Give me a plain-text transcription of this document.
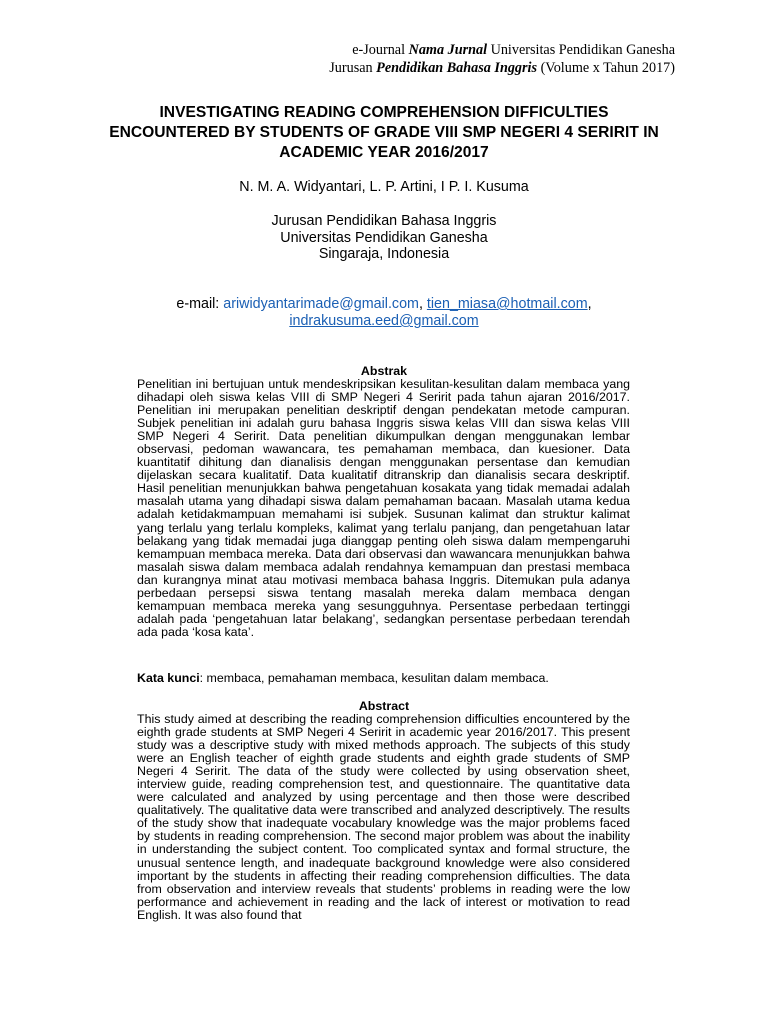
e-Journal Nama Jurnal Universitas Pendidikan Ganesha
Jurusan Pendidikan Bahasa Inggris (Volume x Tahun 2017)
INVESTIGATING READING COMPREHENSION DIFFICULTIES ENCOUNTERED BY STUDENTS OF GRADE VIII SMP NEGERI 4 SERIRIT IN ACADEMIC YEAR 2016/2017
N. M. A. Widyantari, L. P. Artini, I P. I. Kusuma
Jurusan Pendidikan Bahasa Inggris
Universitas Pendidikan Ganesha
Singaraja, Indonesia
e-mail: ariwidyantarimade@gmail.com, tien_miasa@hotmail.com,
indrakusuma.eed@gmail.com
Abstrak
Penelitian ini bertujuan untuk mendeskripsikan kesulitan-kesulitan dalam membaca yang dihadapi oleh siswa kelas VIII di SMP Negeri 4 Seririt pada tahun ajaran 2016/2017. Penelitian ini merupakan penelitian deskriptif dengan pendekatan metode campuran. Subjek penelitian ini adalah guru bahasa Inggris siswa kelas VIII dan siswa kelas VIII SMP Negeri 4 Seririt. Data penelitian dikumpulkan dengan menggunakan lembar observasi, pedoman wawancara, tes pemahaman membaca, dan kuesioner. Data kuantitatif dihitung dan dianalisis dengan menggunakan persentase dan kemudian dijelaskan secara kualitatif. Data kualitatif ditranskrip dan dianalisis secara deskriptif. Hasil penelitian menunjukkan bahwa pengetahuan kosakata yang tidak memadai adalah masalah utama yang dihadapi siswa dalam pemahaman bacaan. Masalah utama kedua adalah ketidakmampuan memahami isi subjek. Susunan kalimat dan struktur kalimat yang terlalu yang terlalu kompleks, kalimat yang terlalu panjang, dan pengetahuan latar belakang yang tidak memadai juga dianggap penting oleh siswa dalam mempengaruhi kemampuan membaca mereka. Data dari observasi dan wawancara menunjukkan bahwa masalah siswa dalam membaca adalah rendahnya kemampuan dan prestasi membaca dan kurangnya minat atau motivasi membaca bahasa Inggris. Ditemukan pula adanya perbedaan persepsi siswa tentang masalah mereka dalam membaca dengan kemampuan membaca mereka yang sesungguhnya. Persentase perbedaan tertinggi adalah pada ‘pengetahuan latar belakang’, sedangkan persentase perbedaan terendah ada pada ‘kosa kata’.
Kata kunci: membaca, pemahaman membaca, kesulitan dalam membaca.
Abstract
This study aimed at describing the reading comprehension difficulties encountered by the eighth grade students at SMP Negeri 4 Seririt in academic year 2016/2017. This present study was a descriptive study with mixed methods approach. The subjects of this study were an English teacher of eighth grade students and eighth grade students of SMP Negeri 4 Seririt. The data of the study were collected by using observation sheet, interview guide, reading comprehension test, and questionnaire. The quantitative data were calculated and analyzed by using percentage and then those were described qualitatively. The qualitative data were transcribed and analyzed descriptively. The results of the study show that inadequate vocabulary knowledge was the major problems faced by students in reading comprehension. The second major problem was about the inability in understanding the subject content. Too complicated syntax and formal structure, the unusual sentence length, and inadequate background knowledge were also considered important by the students in affecting their reading comprehension difficulties. The data from observation and interview reveals that students’ problems in reading were the low performance and achievement in reading and the lack of interest or motivation to read English. It was also found that
